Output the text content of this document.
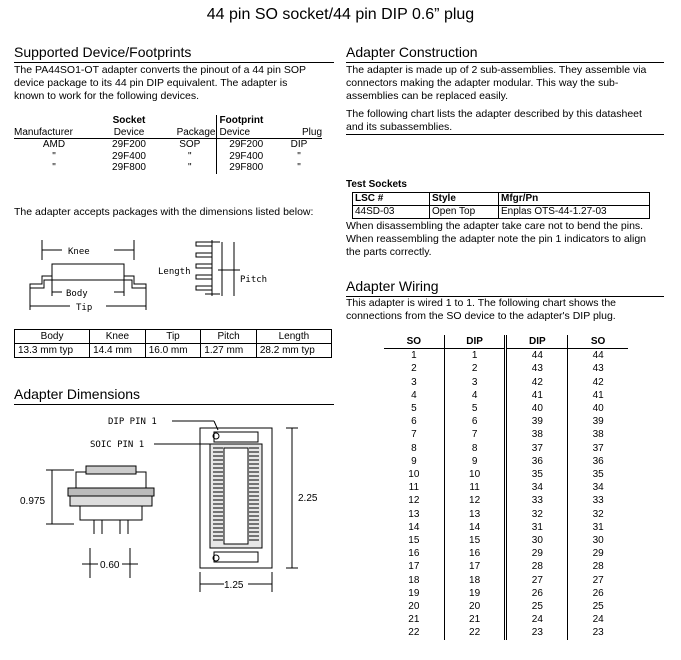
44 pin SO socket/44 pin DIP 0.6” plug
Supported Device/Footprints
The PA44SO1-OT adapter converts the pinout of a 44 pin SOP
device package to its 44 pin DIP equivalent. The adapter is
known to work for the following devices.
	Socket		Footprint	
Manufacturer	Device	Package	Device	Plug
AMD	29F200	SOP	29F200	DIP
"	29F400	"	29F400	"
"	29F800	"	29F800	"
The adapter accepts packages with the dimensions listed below:
Knee
Body
Tip
Length
Pitch
Body	Knee	Tip	Pitch	Length
13.3 mm typ	14.4 mm	16.0 mm	1.27 mm	28.2 mm typ
Adapter Dimensions
DIP PIN 1
SOIC PIN 1
0.975
0.60
2.25
1.25
Adapter Construction
The adapter is made up of 2 sub-assemblies. They assemble via
connectors making the adapter modular. This way the sub-
assemblies can be replaced easily.
The following chart lists the adapter described by this datasheet
and its subassemblies.
Test Sockets
LSC #	Style	Mfgr/Pn
44SD-03	Open Top	Enplas OTS-44-1.27-03
When disassembling the adapter take care not to bend the pins.
When reassembling the adapter note the pin 1 indicators to align
the parts correctly.
Adapter Wiring
This adapter is wired 1 to 1. The following chart shows the
connections from the SO device to the adapter's DIP plug.
SO	DIP	DIP	SO
1	1	44	44
2	2	43	43
3	3	42	42
4	4	41	41
5	5	40	40
6	6	39	39
7	7	38	38
8	8	37	37
9	9	36	36
10	10	35	35
11	11	34	34
12	12	33	33
13	13	32	32
14	14	31	31
15	15	30	30
16	16	29	29
17	17	28	28
18	18	27	27
19	19	26	26
20	20	25	25
21	21	24	24
22	22	23	23
